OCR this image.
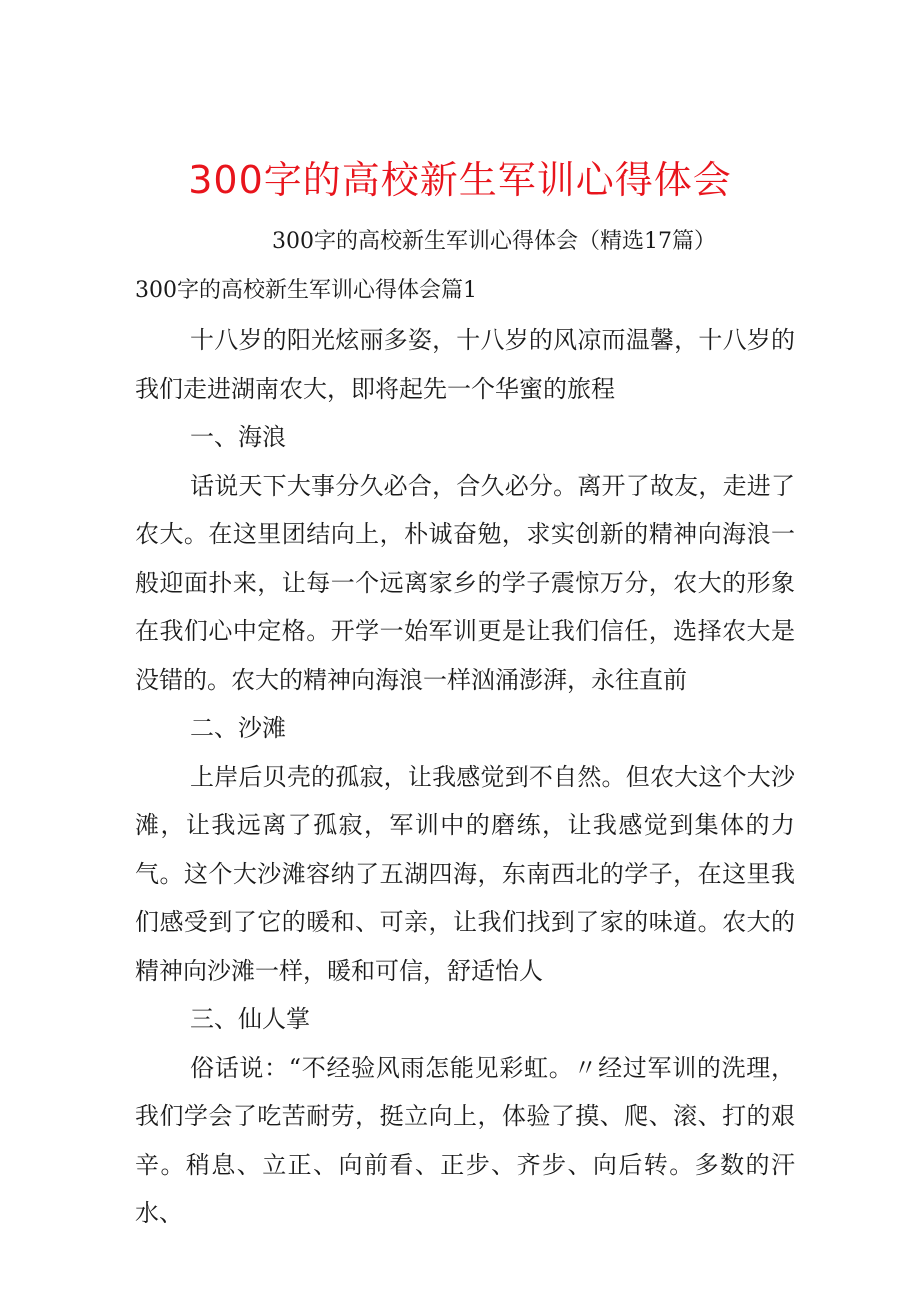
300字的高校新生军训心得体会
300字的高校新生军训心得体会（精选17篇）
300字的高校新生军训心得体会篇1

十八岁的阳光炫丽多姿，十八岁的风凉而温馨，十八岁的我们走进湖南农大，即将起先一个华蜜的旅程

一、海浪

话说天下大事分久必合，合久必分。离开了故友，走进了农大。在这里团结向上，朴诚奋勉，求实创新的精神向海浪一般迎面扑来，让每一个远离家乡的学子震惊万分，农大的形象在我们心中定格。开学一始军训更是让我们信任，选择农大是没错的。农大的精神向海浪一样汹涌澎湃，永往直前

二、沙滩

上岸后贝壳的孤寂，让我感觉到不自然。但农大这个大沙滩，让我远离了孤寂，军训中的磨练，让我感觉到集体的力气。这个大沙滩容纳了五湖四海，东南西北的学子，在这里我们感受到了它的暖和、可亲，让我们找到了家的味道。农大的精神向沙滩一样，暖和可信，舒适怡人

三、仙人掌

俗话说：“不经验风雨怎能见彩虹。〃经过军训的洗理，我们学会了吃苦耐劳，挺立向上，体验了摸、爬、滚、打的艰辛。稍息、立正、向前看、正步、齐步、向后转。多数的汗水、
